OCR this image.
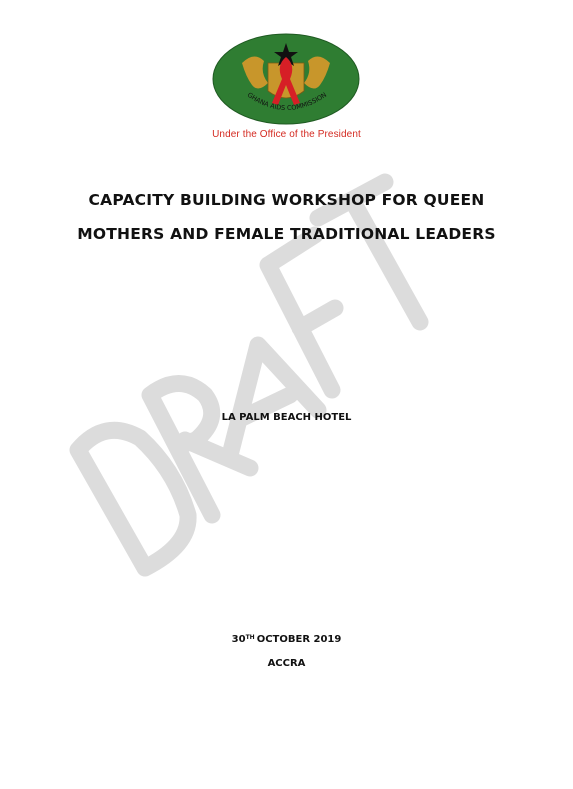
GHANA AIDS COMMISSION
Under the Office of the President
CAPACITY BUILDING WORKSHOP FOR QUEEN
MOTHERS AND FEMALE TRADITIONAL LEADERS
LA PALM BEACH HOTEL
30TH OCTOBER 2019
ACCRA
